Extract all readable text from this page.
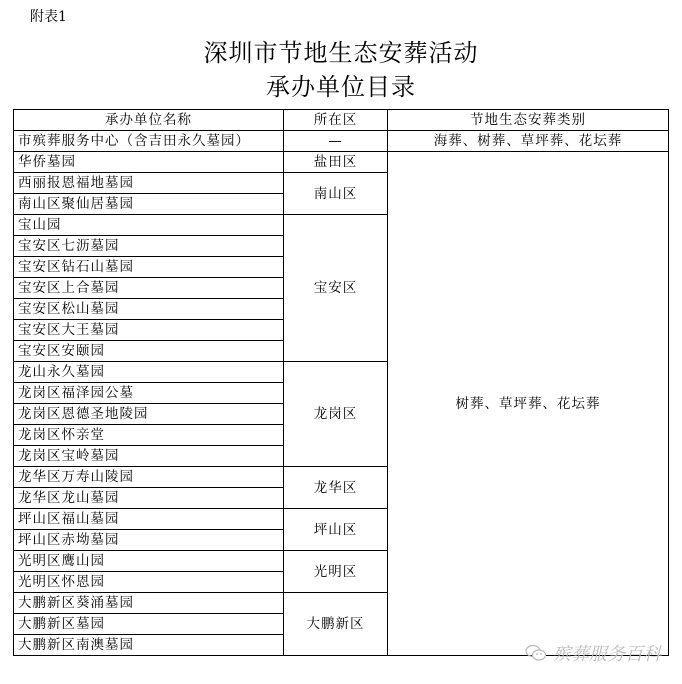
附表1
深圳市节地生态安葬活动
承办单位目录
承办单位名称	所在区	节地生态安葬类别
市殡葬服务中心（含吉田永久墓园）	—	海葬、树葬、草坪葬、花坛葬
华侨墓园	盐田区	树葬、草坪葬、花坛葬
西丽报恩福地墓园	南山区	
南山区聚仙居墓园		
宝山园	宝安区	
宝安区七沥墓园		
宝安区钻石山墓园		
宝安区上合墓园		
宝安区松山墓园		
宝安区大王墓园		
宝安区安颐园		
龙山永久墓园	龙岗区	
龙岗区福泽园公墓		
龙岗区恩德圣地陵园		
龙岗区怀亲堂		
龙岗区宝岭墓园		
龙华区万寿山陵园	龙华区	
龙华区龙山墓园		
坪山区福山墓园	坪山区	
坪山区赤坳墓园		
光明区鹰山园	光明区	
光明区怀恩园		
大鹏新区葵涌墓园	大鹏新区	
大鹏新区墓园		
大鹏新区南澳墓园			殡葬服务百科
